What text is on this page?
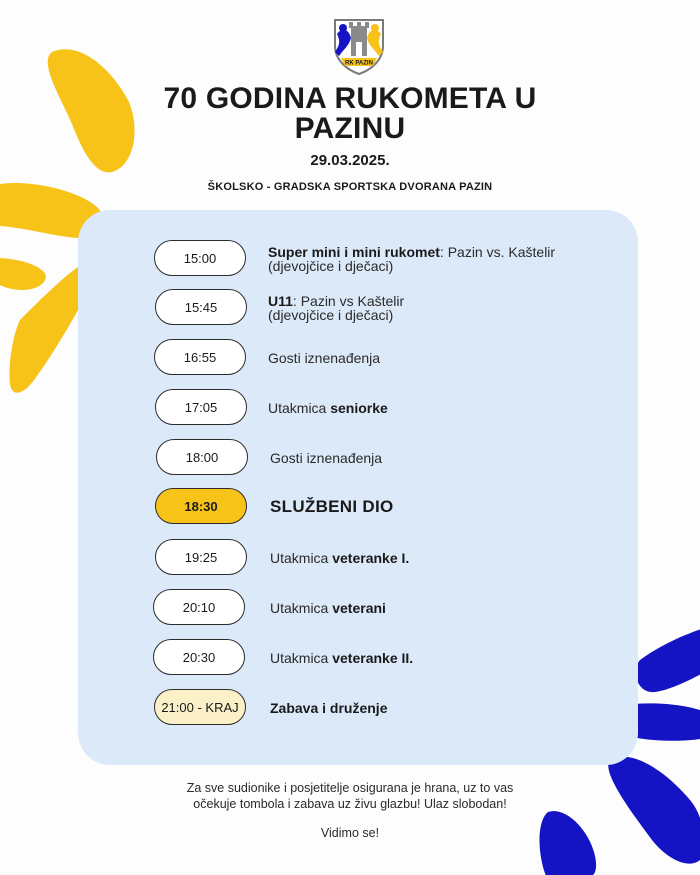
RK PAZIN
70 GODINA RUKOMETA U
PAZINU
29.03.2025.
ŠKOLSKO - GRADSKA SPORTSKA DVORANA PAZIN
15:00	Super mini i mini rukomet: Pazin vs. Kaštelir
(djevojčice i dječaci)
15:45	U11: Pazin vs Kaštelir
(djevojčice i dječaci)
16:55	Gosti iznenađenja
17:05	Utakmica seniorke
18:00	Gosti iznenađenja
18:30	SLUŽBENI DIO
19:25	Utakmica veteranke I.
20:10	Utakmica veterani
20:30	Utakmica veteranke II.
21:00 - KRAJ	Zabava i druženje
Za sve sudionike i posjetitelje osigurana je hrana, uz to vas
očekuje tombola i zabava uz živu glazbu! Ulaz slobodan!
Vidimo se!
